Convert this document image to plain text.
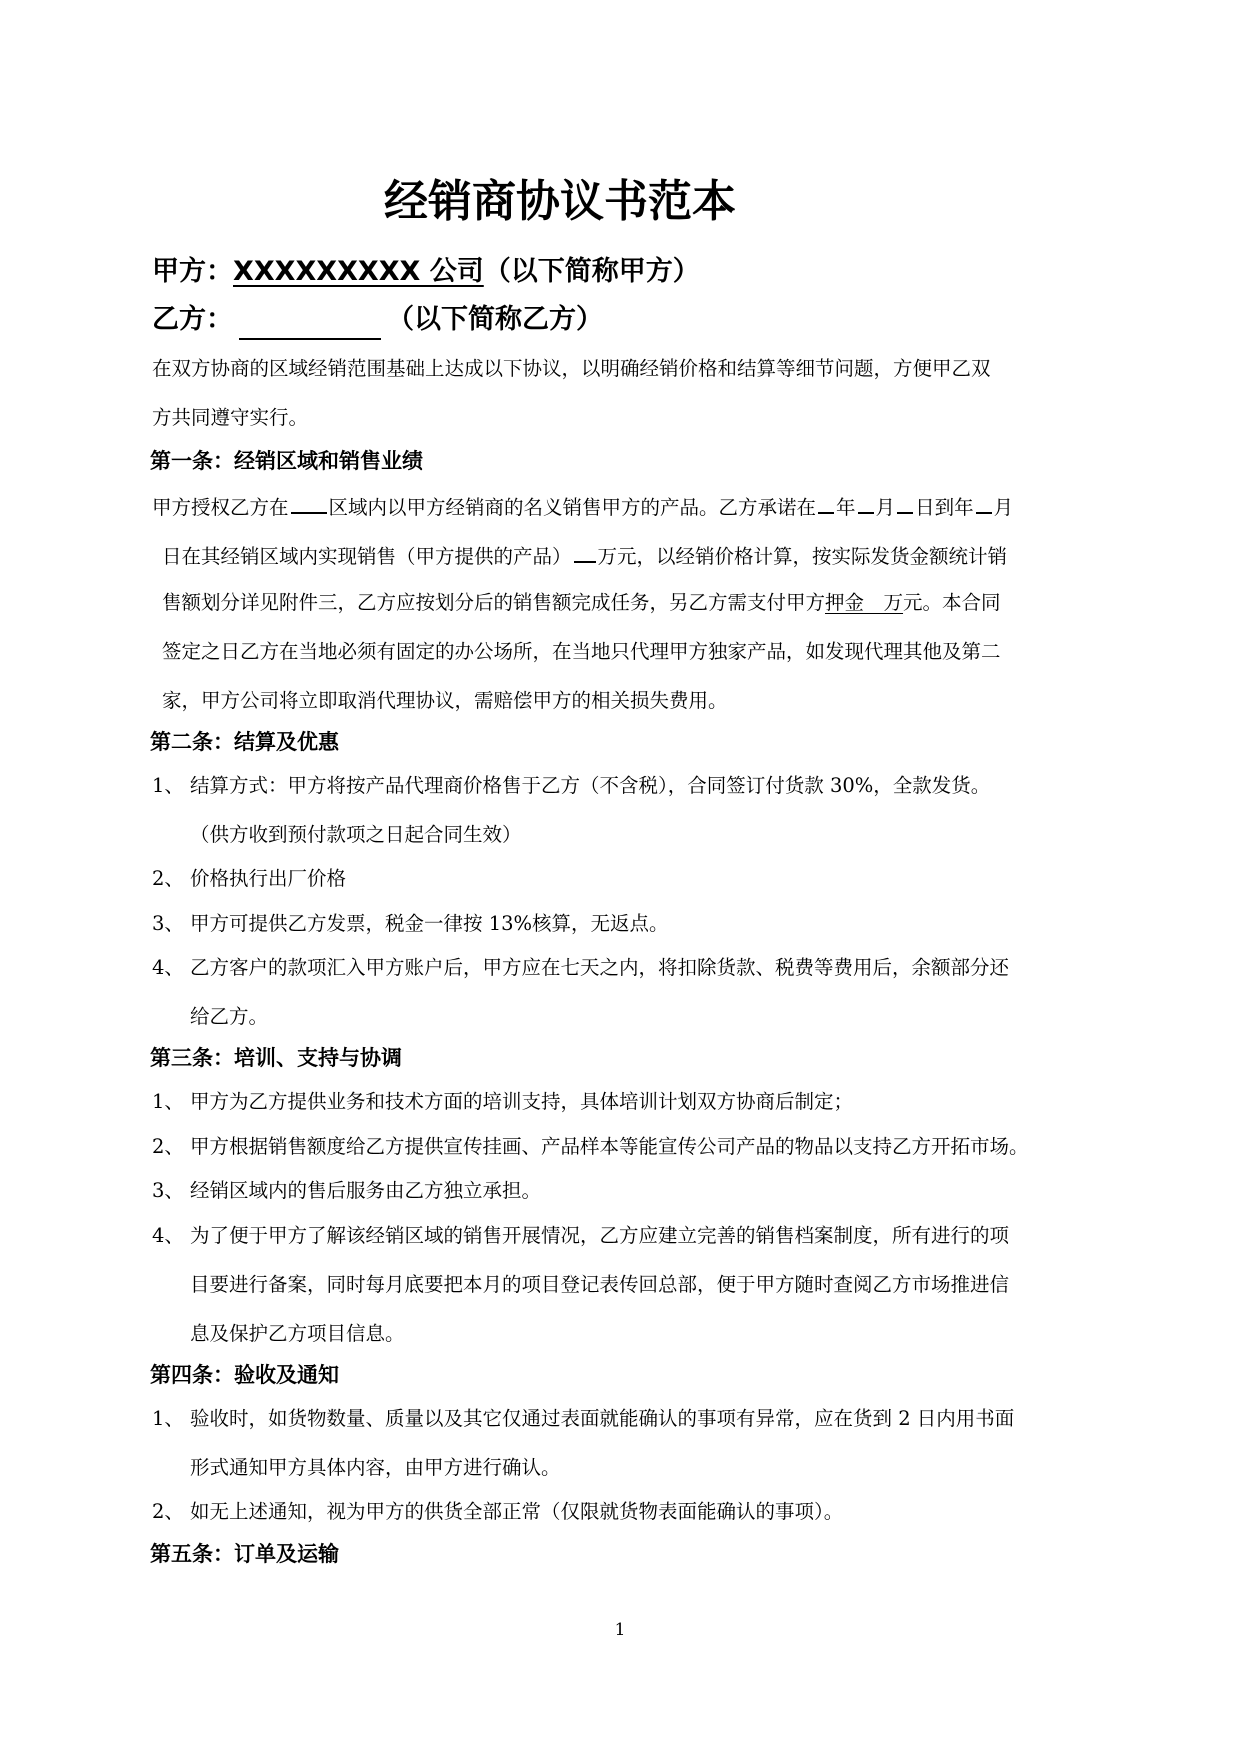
经销商协议书范本
甲方：XXXXXXXXX 公司（以下简称甲方）
乙方：	（以下简称乙方）
在双方协商的区域经销范围基础上达成以下协议，以明确经销价格和结算等细节问题，方便甲乙双
方共同遵守实行。
第一条：经销区域和销售业绩
甲方授权乙方在 区域内以甲方经销商的名义销售甲方的产品。乙方承诺在 年 月 日到年 月
日在其经销区域内实现销售（甲方提供的产品） 万元，以经销价格计算，按实际发货金额统计销
售额划分详见附件三，乙方应按划分后的销售额完成任务，另乙方需支付甲方押金　万元。本合同
签定之日乙方在当地必须有固定的办公场所，在当地只代理甲方独家产品，如发现代理其他及第二
家，甲方公司将立即取消代理协议，需赔偿甲方的相关损失费用。
第二条：结算及优惠
1、 结算方式：甲方将按产品代理商价格售于乙方（不含税），合同签订付货款 30%，全款发货。
（供方收到预付款项之日起合同生效）
2、 价格执行出厂价格
3、 甲方可提供乙方发票，税金一律按 13%核算，无返点。
4、 乙方客户的款项汇入甲方账户后，甲方应在七天之内，将扣除货款、税费等费用后，余额部分还
给乙方。
第三条：培训、支持与协调
1、 甲方为乙方提供业务和技术方面的培训支持，具体培训计划双方协商后制定；
2、 甲方根据销售额度给乙方提供宣传挂画、产品样本等能宣传公司产品的物品以支持乙方开拓市场。
3、 经销区域内的售后服务由乙方独立承担。
4、 为了便于甲方了解该经销区域的销售开展情况，乙方应建立完善的销售档案制度，所有进行的项
目要进行备案，同时每月底要把本月的项目登记表传回总部，便于甲方随时查阅乙方市场推进信
息及保护乙方项目信息。
第四条：验收及通知
1、 验收时，如货物数量、质量以及其它仅通过表面就能确认的事项有异常，应在货到 2 日内用书面
形式通知甲方具体内容，由甲方进行确认。
2、 如无上述通知，视为甲方的供货全部正常（仅限就货物表面能确认的事项）。
第五条：订单及运输
1
